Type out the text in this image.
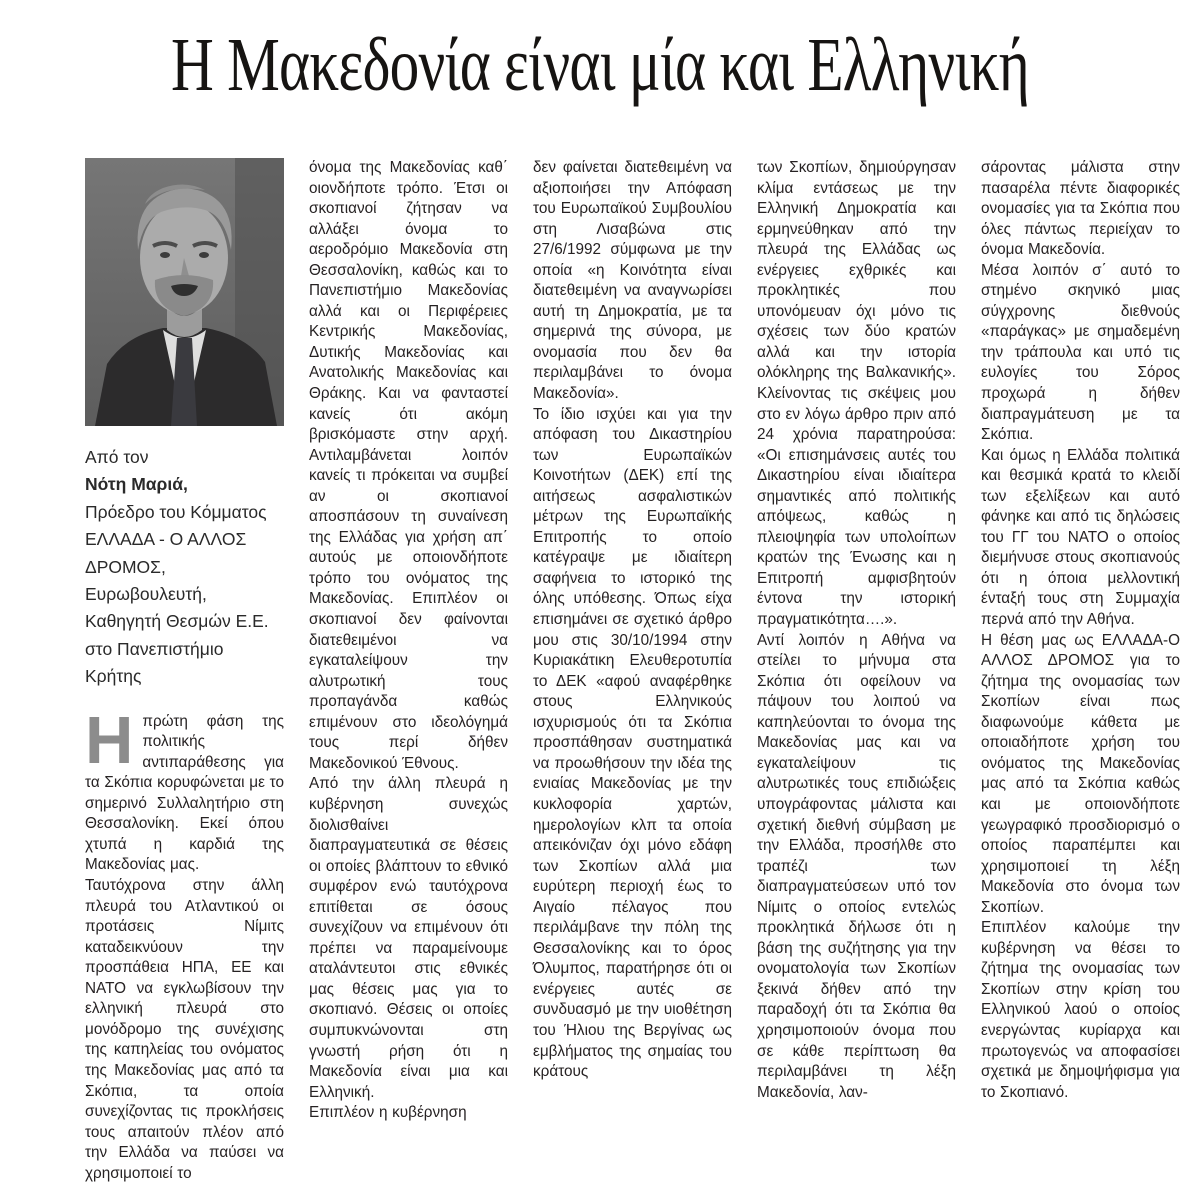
Η Μακεδονία είναι μία και Ελληνική
Από τον
Νότη Μαριά,
Πρόεδρο του Κόμματος ΕΛΛΑΔΑ - Ο ΑΛΛΟΣ ΔΡΟΜΟΣ, Ευρωβουλευτή, Καθηγητή Θεσμών Ε.Ε. στο Πανεπιστήμιο Κρήτης

Ηπρώτη φάση της πολιτικής αντιπαράθεσης για τα Σκόπια κορυφώνεται με το σημερινό Συλλαλητήριο στη Θεσσαλονίκη. Εκεί όπου χτυπά η καρδιά της Μακεδονίας μας.

Ταυτόχρονα στην άλλη πλευρά του Ατλαντικού οι προτάσεις Νίμιτς καταδεικνύουν την προσπάθεια ΗΠΑ, ΕΕ και ΝΑΤΟ να εγκλωβίσουν την ελληνική πλευρά στο μονόδρομο της συνέχισης της καπηλείας του ονόματος της Μακεδονίας μας από τα Σκόπια, τα οποία συνεχίζοντας τις προκλήσεις τους απαιτούν πλέον από την Ελλάδα να παύσει να χρησιμοποιεί το

όνομα της Μακεδονίας καθ΄ οιονδήποτε τρόπο. Έτσι οι σκοπιανοί ζήτησαν να αλλάξει όνομα το αεροδρόμιο Μακεδονία στη Θεσσαλονίκη, καθώς και το Πανεπιστήμιο Μακεδονίας αλλά και οι Περιφέρειες Κεντρικής Μακεδονίας, Δυτικής Μακεδονίας και Ανατολικής Μακεδονίας και Θράκης. Και να φανταστεί κανείς ότι ακόμη βρισκόμαστε στην αρχή. Αντιλαμβάνεται λοιπόν κανείς τι πρόκειται να συμβεί αν οι σκοπιανοί αποσπάσουν τη συναίνεση της Ελλάδας για χρήση απ΄ αυτούς με οποιονδήποτε τρόπο του ονόματος της Μακεδονίας. Επιπλέον οι σκοπιανοί δεν φαίνονται διατεθειμένοι να εγκαταλείψουν την αλυτρωτική τους προπαγάνδα καθώς επιμένουν στο ιδεολόγημά τους περί δήθεν Μακεδονικού Έθνους.

Από την άλλη πλευρά η κυβέρνηση συνεχώς διολισθαίνει διαπραγματευτικά σε θέσεις οι οποίες βλάπτουν το εθνικό συμφέρον ενώ ταυτόχρονα επιτίθεται σε όσους συνεχίζουν να επιμένουν ότι πρέπει να παραμείνουμε αταλάντευτοι στις εθνικές μας θέσεις μας για το σκοπιανό. Θέσεις οι οποίες συμπυκνώνονται στη γνωστή ρήση ότι η Μακεδονία είναι μια και Ελληνική.

Επιπλέον η κυβέρνηση

δεν φαίνεται διατεθειμένη να αξιοποιήσει την Απόφαση του Ευρωπαϊκού Συμβουλίου στη Λισαβώνα στις 27/6/1992 σύμφωνα με την οποία «η Κοινότητα είναι διατεθειμένη να αναγνωρίσει αυτή τη Δημοκρατία, με τα σημερινά της σύνορα, με ονομασία που δεν θα περιλαμβάνει το όνομα Μακεδονία».

Το ίδιο ισχύει και για την απόφαση του Δικαστηρίου των Ευρωπαϊκών Κοινοτήτων (ΔΕΚ) επί της αιτήσεως ασφαλιστικών μέτρων της Ευρωπαϊκής Επιτροπής το οποίο κατέγραψε με ιδιαίτερη σαφήνεια το ιστορικό της όλης υπόθεσης. Όπως είχα επισημάνει σε σχετικό άρθρο μου στις 30/10/1994 στην Κυριακάτικη Ελευθεροτυπία το ΔΕΚ «αφού αναφέρθηκε στους Ελληνικούς ισχυρισμούς ότι τα Σκόπια προσπάθησαν συστηματικά να προωθήσουν την ιδέα της ενιαίας Μακεδονίας με την κυκλοφορία χαρτών, ημερολογίων κλπ τα οποία απεικόνιζαν όχι μόνο εδάφη των Σκοπίων αλλά μια ευρύτερη περιοχή έως το Αιγαίο πέλαγος που περιλάμβανε την πόλη της Θεσσαλονίκης και το όρος Όλυμπος, παρατήρησε ότι οι ενέργειες αυτές σε συνδυασμό με την υιοθέτηση του Ήλιου της Βεργίνας ως εμβλήματος της σημαίας του κράτους

των Σκοπίων, δημιούργησαν κλίμα εντάσεως με την Ελληνική Δημοκρατία και ερμηνεύθηκαν από την πλευρά της Ελλάδας ως ενέργειες εχθρικές και προκλητικές που υπονόμευαν όχι μόνο τις σχέσεις των δύο κρατών αλλά και την ιστορία ολόκληρης της Βαλκανικής». Κλείνοντας τις σκέψεις μου στο εν λόγω άρθρο πριν από 24 χρόνια παρατηρούσα: «Οι επισημάνσεις αυτές του Δικαστηρίου είναι ιδιαίτερα σημαντικές από πολιτικής απόψεως, καθώς η πλειοψηφία των υπολοίπων κρατών της Ένωσης και η Επιτροπή αμφισβητούν έντονα την ιστορική πραγματικότητα….».

Αντί λοιπόν η Αθήνα να στείλει το μήνυμα στα Σκόπια ότι οφείλουν να πάψουν του λοιπού να καπηλεύονται το όνομα της Μακεδονίας μας και να εγκαταλείψουν τις αλυτρωτικές τους επιδιώξεις υπογράφοντας μάλιστα και σχετική διεθνή σύμβαση με την Ελλάδα, προσήλθε στο τραπέζι των διαπραγματεύσεων υπό τον Νίμιτς ο οποίος εντελώς προκλητικά δήλωσε ότι η βάση της συζήτησης για την ονοματολογία των Σκοπίων ξεκινά δήθεν από την παραδοχή ότι τα Σκόπια θα χρησιμοποιούν όνομα που σε κάθε περίπτωση θα περιλαμβάνει τη λέξη Μακεδονία, λαν-

σάροντας μάλιστα στην πασαρέλα πέντε διαφορικές ονομασίες για τα Σκόπια που όλες πάντως περιείχαν το όνομα Μακεδονία.

Μέσα λοιπόν σ΄ αυτό το στημένο σκηνικό μιας σύγχρονης διεθνούς «παράγκας» με σημαδεμένη την τράπουλα και υπό τις ευλογίες του Σόρος προχωρά η δήθεν διαπραγμάτευση με τα Σκόπια.

Και όμως η Ελλάδα πολιτικά και θεσμικά κρατά το κλειδί των εξελίξεων και αυτό φάνηκε και από τις δηλώσεις του ΓΓ του ΝΑΤΟ ο οποίος διεμήνυσε στους σκοπιανούς ότι η όποια μελλοντική ένταξή τους στη Συμμαχία περνά από την Αθήνα.

Η θέση μας ως ΕΛΛΑΔΑ-Ο ΑΛΛΟΣ ΔΡΟΜΟΣ για το ζήτημα της ονομασίας των Σκοπίων είναι πως διαφωνούμε κάθετα με οποιαδήποτε χρήση του ονόματος της Μακεδονίας μας από τα Σκόπια καθώς και με οποιονδήποτε γεωγραφικό προσδιορισμό ο οποίος παραπέμπει και χρησιμοποιεί τη λέξη Μακεδονία στο όνομα των Σκοπίων.

Επιπλέον καλούμε την κυβέρνηση να θέσει το ζήτημα της ονομασίας των Σκοπίων στην κρίση του Ελληνικού λαού ο οποίος ενεργώντας κυρίαρχα και πρωτογενώς να αποφασίσει σχετικά με δημοψήφισμα για το Σκοπιανό.
